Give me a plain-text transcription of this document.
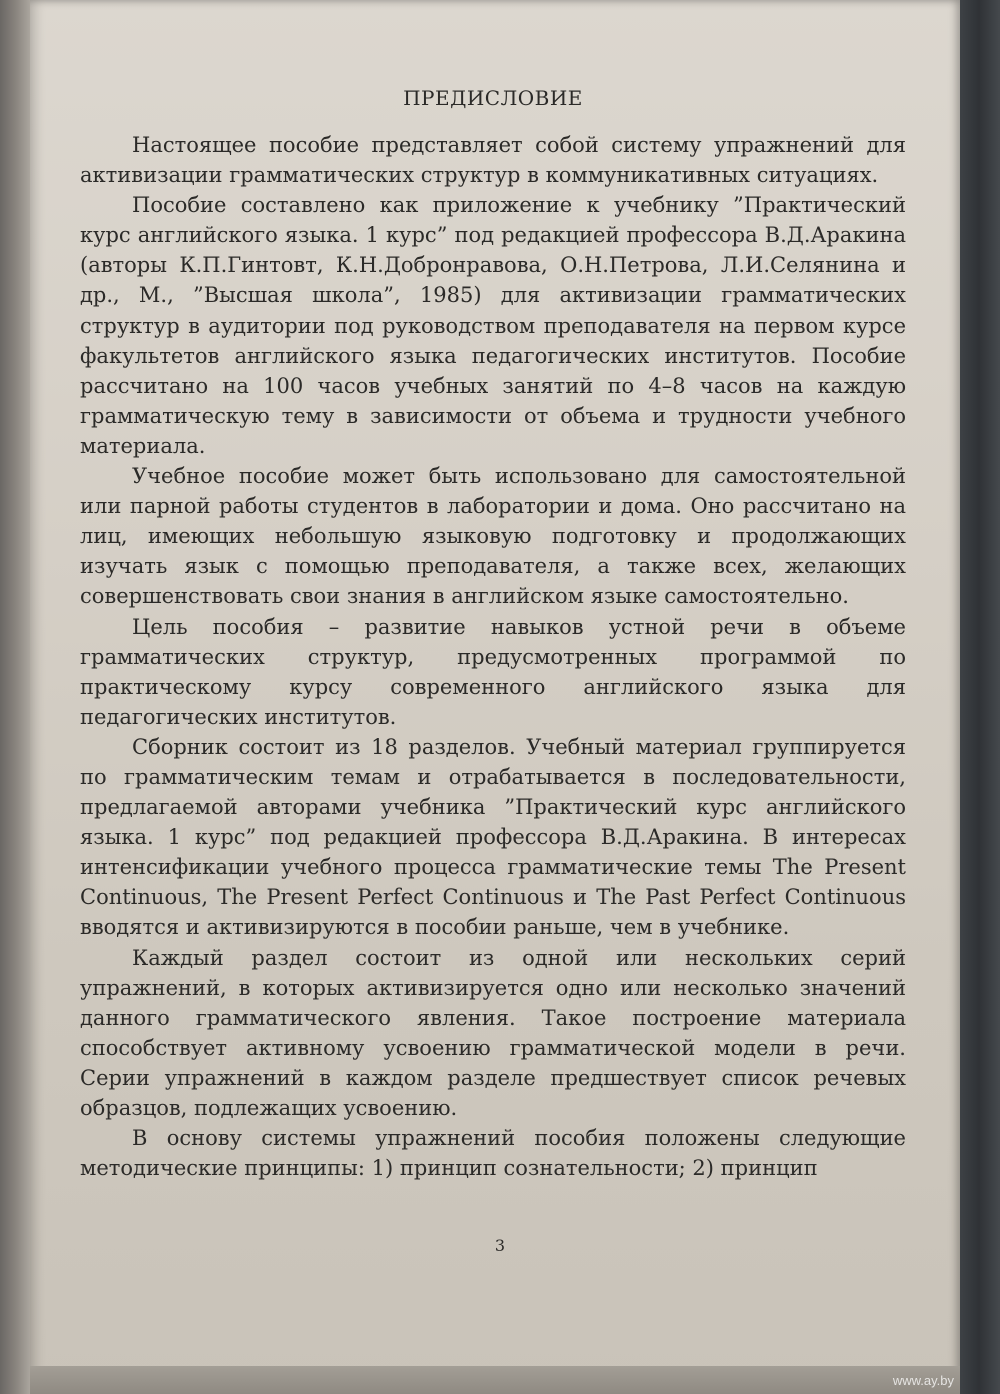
ПРЕДИСЛОВИЕ

Настоящее пособие представляет собой систему упражнений для активизации грамматических структур в коммуникативных ситуациях.

Пособие составлено как приложение к учебнику ”Практический курс английского языка. 1 курс” под редакцией профессора В.Д.Аракина (авторы К.П.Гинтовт, К.Н.Добронравова, О.Н.Петрова, Л.И.Селянина и др., М., ”Высшая школа”, 1985) для активизации грамматических структур в аудитории под руководством преподавателя на первом курсе факультетов английского языка педагогических институтов. Пособие рассчитано на 100 часов учебных занятий по 4–8 часов на каждую грамматическую тему в зависимости от объема и трудности учебного материала.

Учебное пособие может быть использовано для самостоятельной или парной работы студентов в лаборатории и дома. Оно рассчитано на лиц, имеющих небольшую языковую подготовку и продолжающих изучать язык с помощью преподавателя, а также всех, желающих совершенствовать свои знания в английском языке самостоятельно.

Цель пособия – развитие навыков устной речи в объеме грамматических структур, предусмотренных программой по практическому курсу современного английского языка для педагогических институтов.

Сборник состоит из 18 разделов. Учебный материал группируется по грамматическим темам и отрабатывается в последовательности, предлагаемой авторами учебника ”Практический курс английского языка. 1 курс” под редакцией профессора В.Д.Аракина. В интересах интенсификации учебного процесса грамматические темы The Present Continuous, The Present Perfect Continuous и The Past Perfect Continuous вводятся и активизируются в пособии раньше, чем в учебнике.

Каждый раздел состоит из одной или нескольких серий упражнений, в которых активизируется одно или несколько значений данного грамматического явления. Такое построение материала способствует активному усвоению грамматической модели в речи. Серии упражнений в каждом разделе предшествует список речевых образцов, подлежащих усвоению.

В основу системы упражнений пособия положены следующие методические принципы: 1) принцип сознательности; 2) принцип

3
www.ay.by
